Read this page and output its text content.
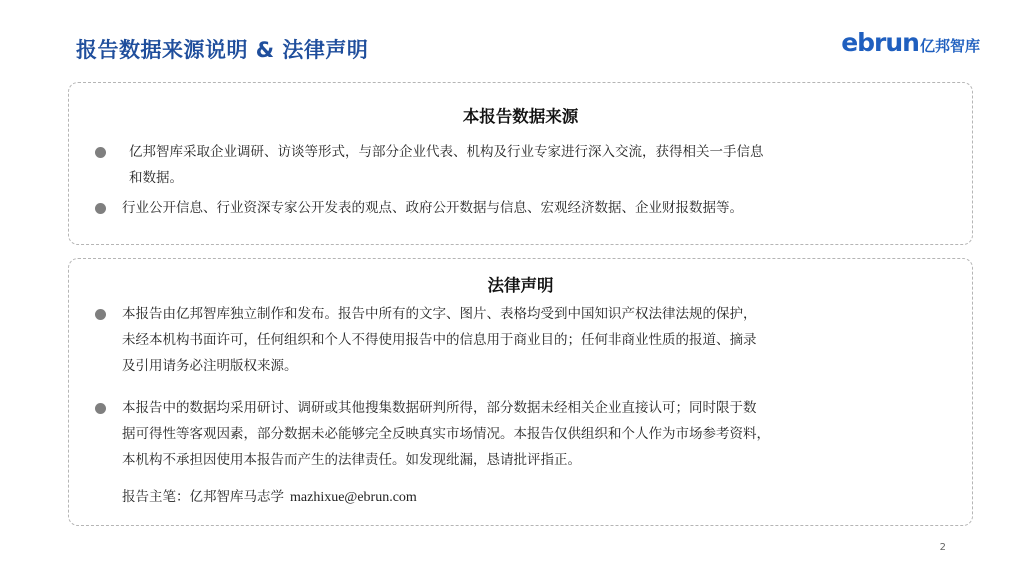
报告数据来源说明 & 法律声明	ebrun 亿邦智库
本报告数据来源
亿邦智库采取企业调研、访谈等形式，与部分企业代表、机构及行业专家进行深入交流，获得相关一手信息
和数据。
行业公开信息、行业资深专家公开发表的观点、政府公开数据与信息、宏观经济数据、企业财报数据等。
法律声明
本报告由亿邦智库独立制作和发布。报告中所有的文字、图片、表格均受到中国知识产权法律法规的保护，
未经本机构书面许可，任何组织和个人不得使用报告中的信息用于商业目的；任何非商业性质的报道、摘录
及引用请务必注明版权来源。
本报告中的数据均采用研讨、调研或其他搜集数据研判所得，部分数据未经相关企业直接认可；同时限于数
据可得性等客观因素，部分数据未必能够完全反映真实市场情况。本报告仅供组织和个人作为市场参考资料，
本机构不承担因使用本报告而产生的法律责任。如发现纰漏，恳请批评指正。
报告主笔：亿邦智库马志学 mazhixue@ebrun.com
2
